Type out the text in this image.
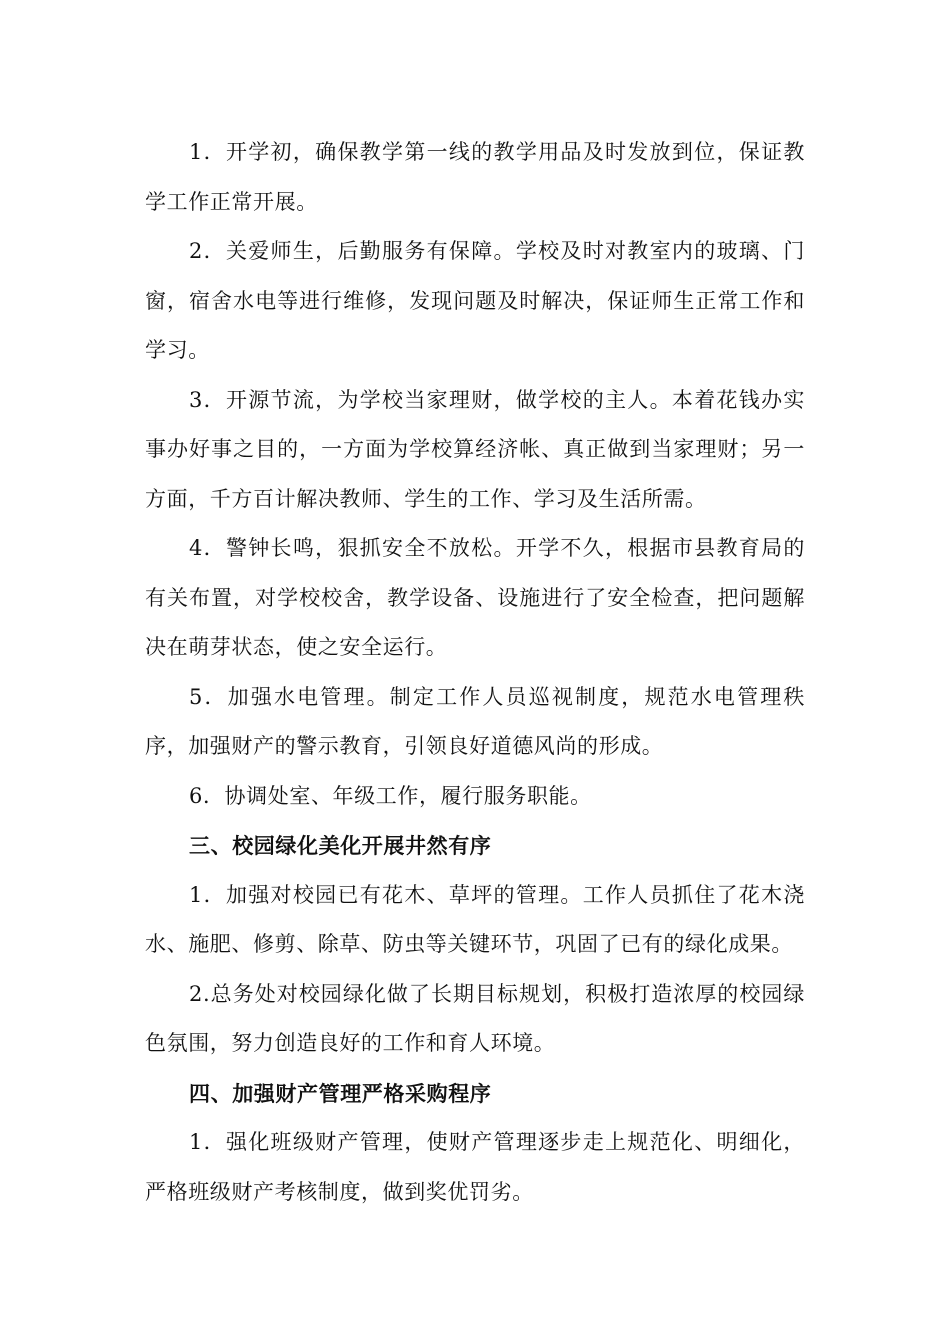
1．开学初，确保教学第一线的教学用品及时发放到位，保证教学工作正常开展。

2．关爱师生，后勤服务有保障。学校及时对教室内的玻璃、门窗，宿舍水电等进行维修，发现问题及时解决，保证师生正常工作和学习。

3．开源节流，为学校当家理财，做学校的主人。本着花钱办实事办好事之目的，一方面为学校算经济帐、真正做到当家理财；另一方面，千方百计解决教师、学生的工作、学习及生活所需。

4．警钟长鸣，狠抓安全不放松。开学不久，根据市县教育局的有关布置，对学校校舍，教学设备、设施进行了安全检查，把问题解决在萌芽状态，使之安全运行。

5．加强水电管理。制定工作人员巡视制度，规范水电管理秩序，加强财产的警示教育，引领良好道德风尚的形成。

6．协调处室、年级工作，履行服务职能。

三、校园绿化美化开展井然有序

1．加强对校园已有花木、草坪的管理。工作人员抓住了花木浇水、施肥、修剪、除草、防虫等关键环节，巩固了已有的绿化成果。

2.总务处对校园绿化做了长期目标规划，积极打造浓厚的校园绿色氛围，努力创造良好的工作和育人环境。

四、加强财产管理严格采购程序

1．强化班级财产管理，使财产管理逐步走上规范化、明细化，严格班级财产考核制度，做到奖优罚劣。
